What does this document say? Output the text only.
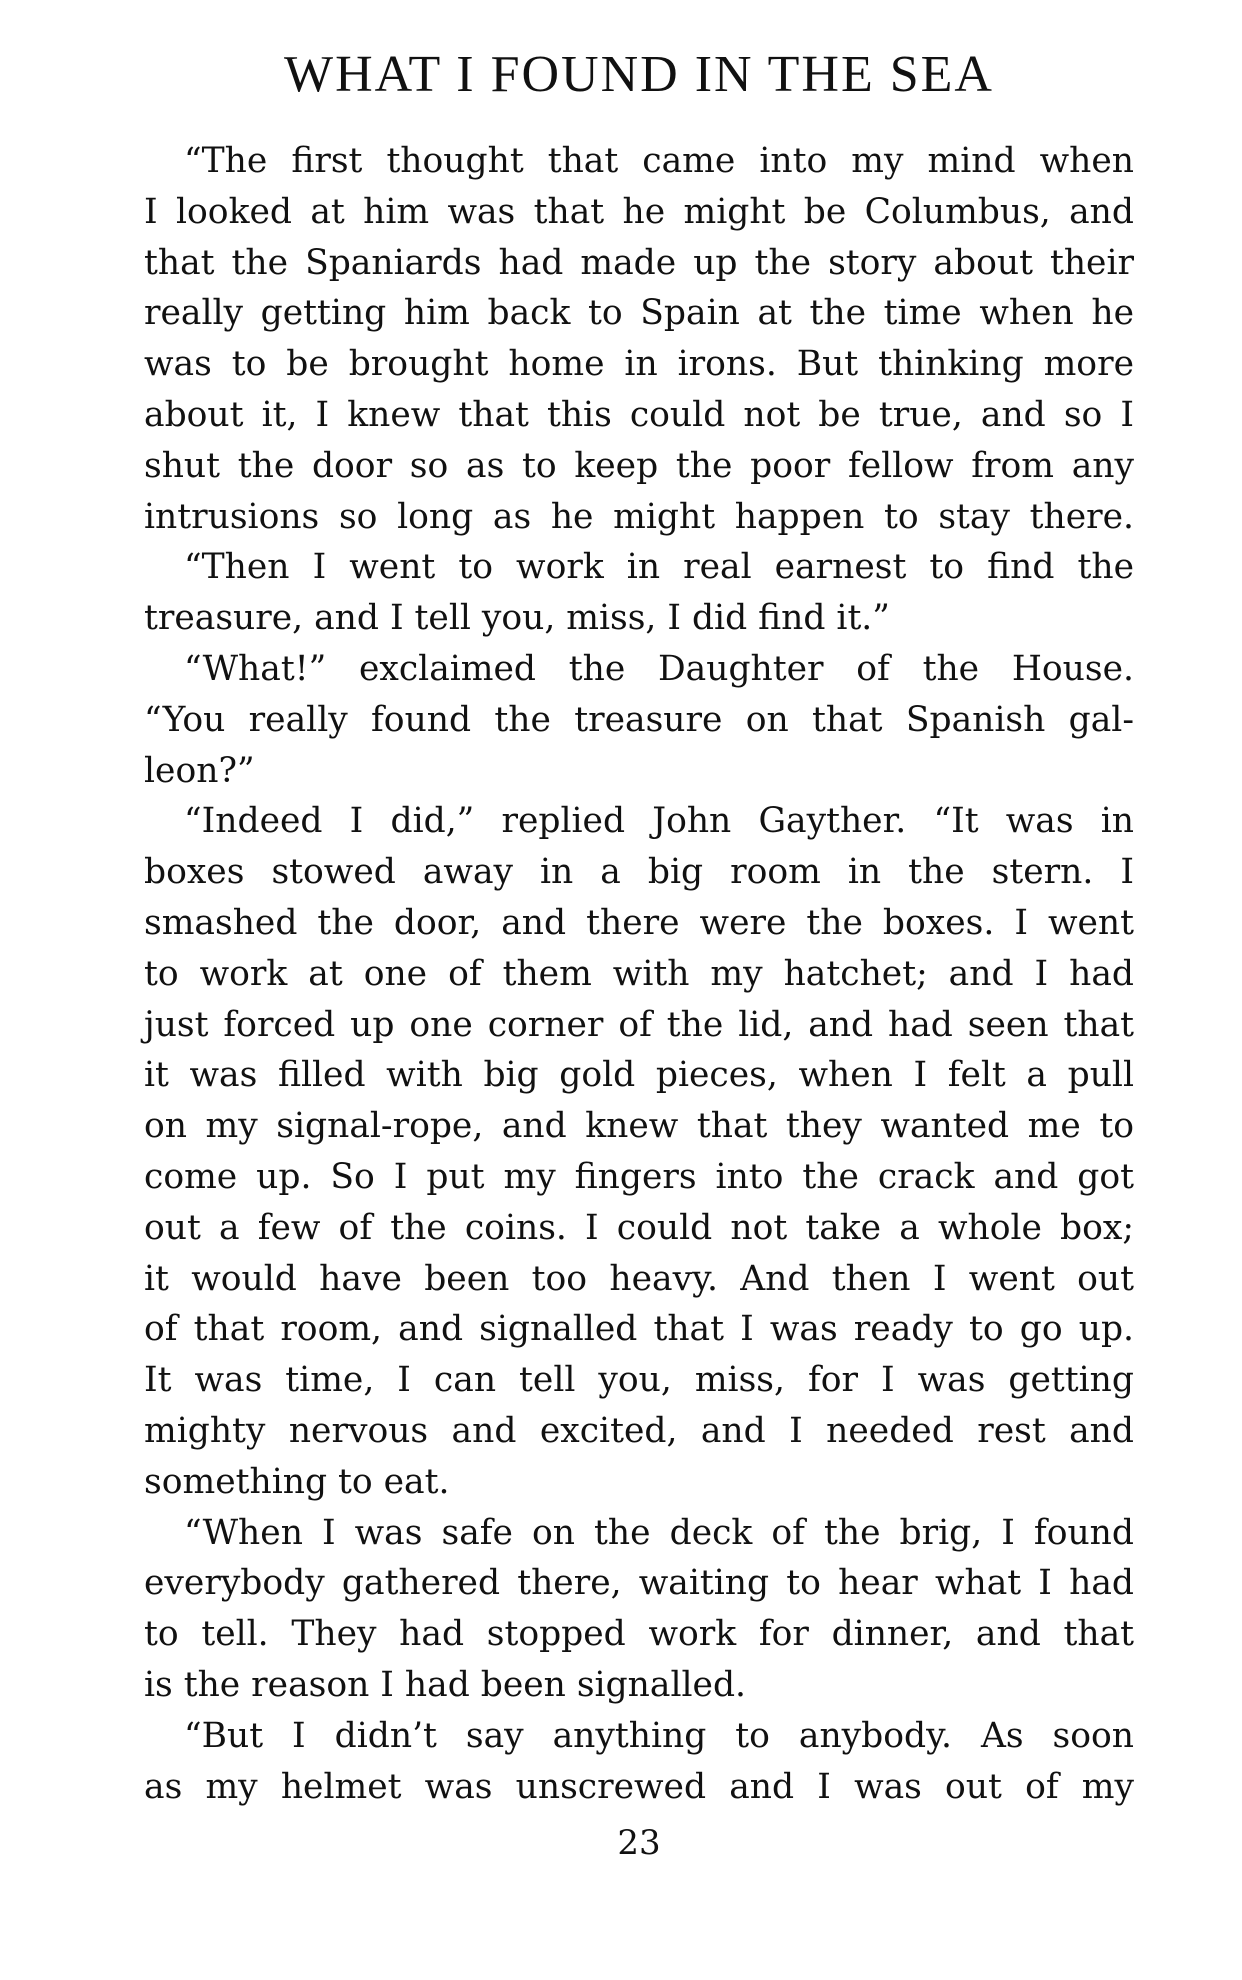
WHAT I FOUND IN THE SEA
“The first thought that came into my mind when
I looked at him was that he might be Columbus, and
that the Spaniards had made up the story about their
really getting him back to Spain at the time when he
was to be brought home in irons. But thinking more
about it, I knew that this could not be true, and so I
shut the door so as to keep the poor fellow from any
intrusions so long as he might happen to stay there.
“Then I went to work in real earnest to find the
treasure, and I tell you, miss, I did find it.”
“What!” exclaimed the Daughter of the House.
“You really found the treasure on that Spanish gal-
leon?”
“Indeed I did,” replied John Gayther. “It was in
boxes stowed away in a big room in the stern. I
smashed the door, and there were the boxes. I went
to work at one of them with my hatchet; and I had
just forced up one corner of the lid, and had seen that
it was filled with big gold pieces, when I felt a pull
on my signal-rope, and knew that they wanted me to
come up. So I put my fingers into the crack and got
out a few of the coins. I could not take a whole box;
it would have been too heavy. And then I went out
of that room, and signalled that I was ready to go up.
It was time, I can tell you, miss, for I was getting
mighty nervous and excited, and I needed rest and
something to eat.
“When I was safe on the deck of the brig, I found
everybody gathered there, waiting to hear what I had
to tell. They had stopped work for dinner, and that
is the reason I had been signalled.
“But I didn’t say anything to anybody. As soon
as my helmet was unscrewed and I was out of my
23
